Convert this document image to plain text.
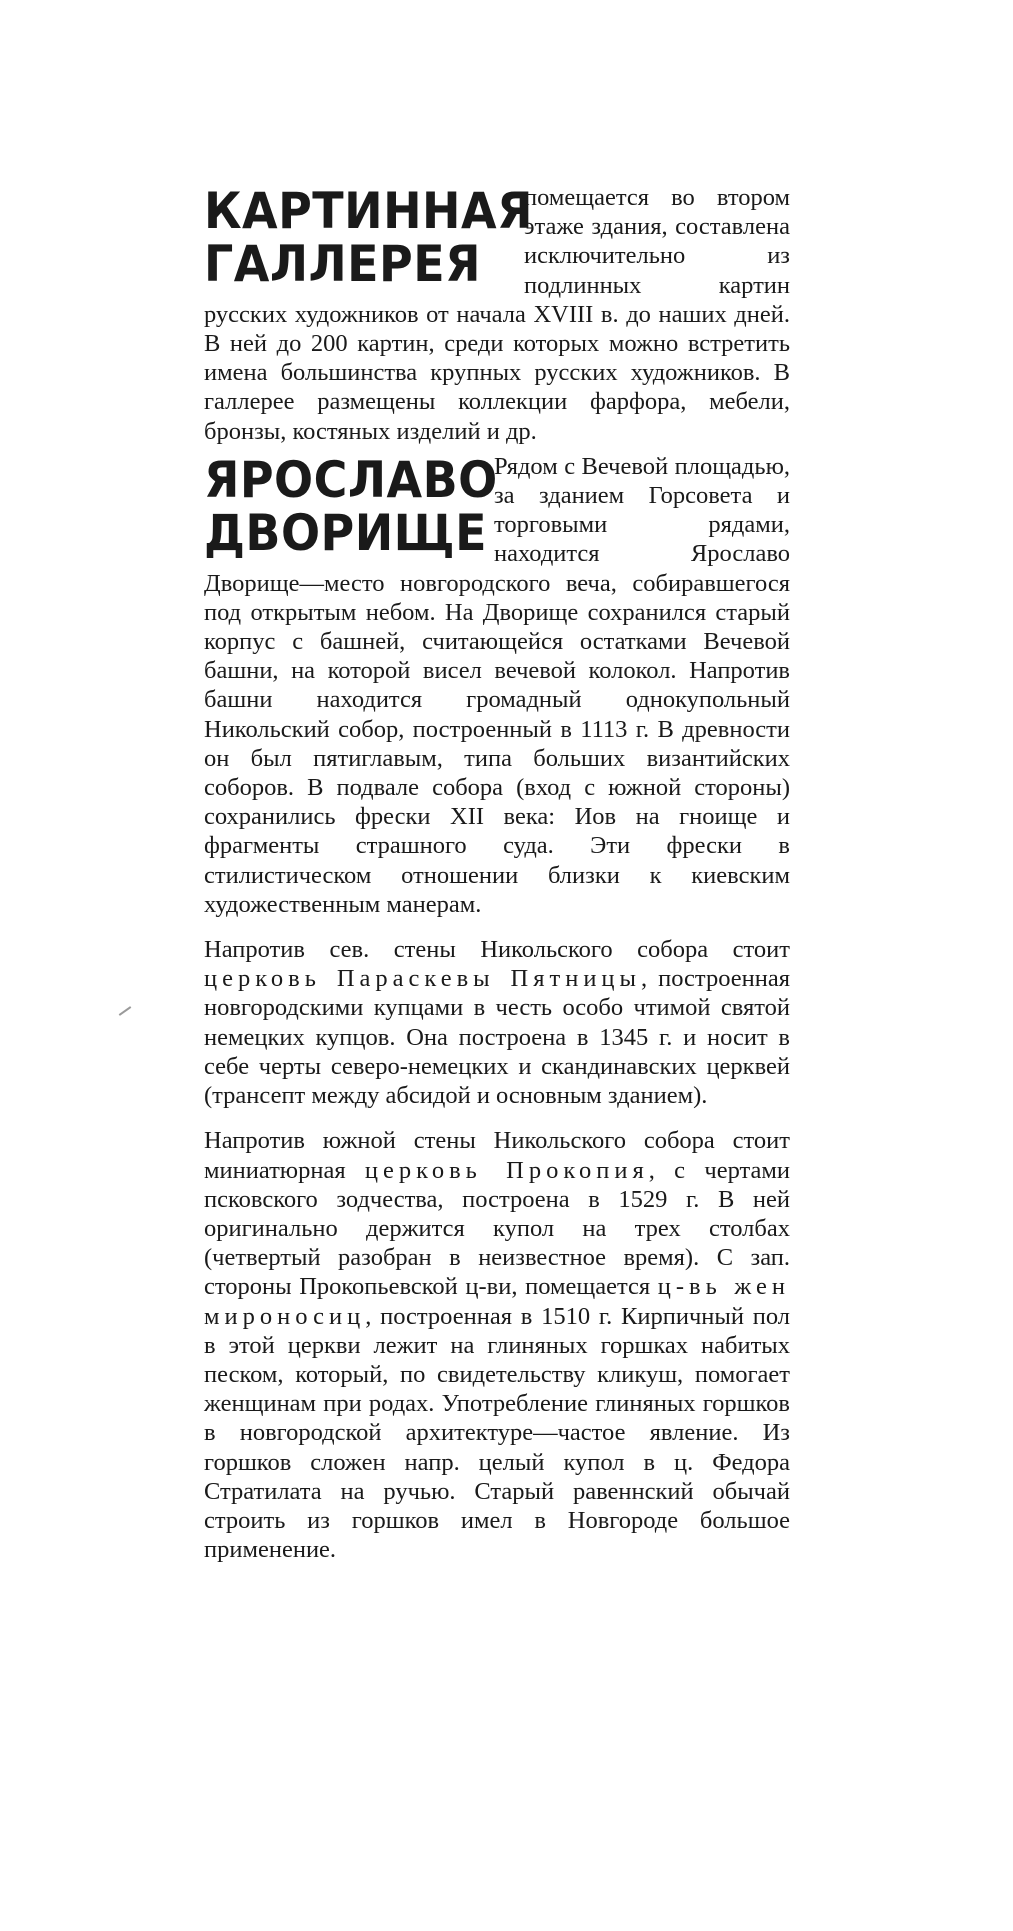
КАРТИННАЯ
ГАЛЛЕРЕЯ

помещается во втором этаже здания, составлена исключительно из подлинных картин русских художников от начала XVIII в. до наших дней. В ней до 200 картин, среди которых можно встретить имена большинства крупных русских художников. В галлерее размещены коллекции фарфора, мебели, бронзы, костяных изделий и др.

ЯРОСЛАВО
ДВОРИЩЕ

Рядом с Вечевой площадью, за зданием Горсовета и торговыми рядами, находится Ярославо Дворище—место новгородского веча, собиравшегося под открытым небом. На Дворище сохранился старый корпус с башней, считающейся остатками Вечевой башни, на которой висел вечевой колокол. Напротив башни находится громадный однокупольный Никольский собор, построенный в 1113 г. В древности он был пятиглавым, типа больших византийских соборов. В подвале собора (вход с южной стороны) сохранились фрески XII века: Иов на гноище и фрагменты страшного суда. Эти фрески в стилистическом отношении близки к киевским художественным манерам.

Напротив сев. стены Никольского собора стоит церковь Параскевы Пятницы, построенная новгородскими купцами в честь особо чтимой святой немецких купцов. Она построена в 1345 г. и носит в себе черты северо-немецких и скандинавских церквей (трансепт между абсидой и основным зданием).

Напротив южной стены Никольского собора стоит миниатюрная церковь Прокопия, с чертами псковского зодчества, построена в 1529 г. В ней оригинально держится купол на трех столбах (четвертый разобран в неизвестное время). С зап. стороны Прокопьевской ц-ви, помещается ц-вь жен мироносиц, построенная в 1510 г. Кирпичный пол в этой церкви лежит на глиняных горшках набитых песком, который, по свидетельству кликуш, помогает женщинам при родах. Употребление глиняных горшков в новгородской архитектуре—частое явление. Из горшков сложен напр. целый купол в ц. Федора Стратилата на ручью. Старый равеннский обычай строить из горшков имел в Новгороде большое применение.
